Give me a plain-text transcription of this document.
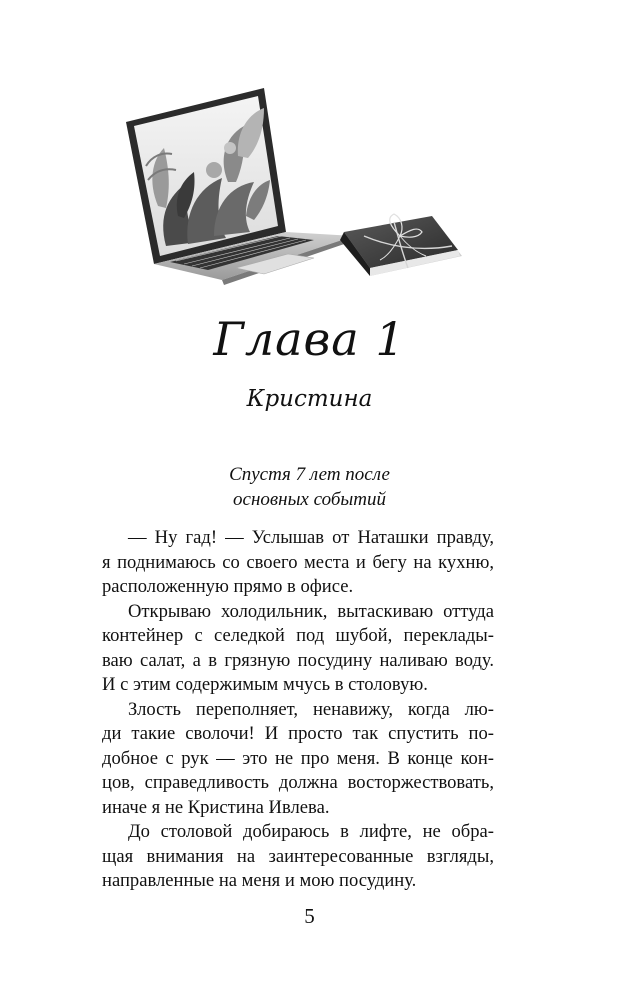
Глава 1
Кристина
Спустя 7 лет после
основных событий
— Ну гад! — Услышав от Наташки правду,
я поднимаюсь со своего места и бегу на кухню,
расположенную прямо в офисе.
Открываю холодильник, вытаскиваю оттуда
контейнер с селедкой под шубой, переклады-
ваю салат, а в грязную посудину наливаю воду.
И с этим содержимым мчусь в столовую.
Злость переполняет, ненавижу, когда лю-
ди такие сволочи! И просто так спустить по-
добное с рук — это не про меня. В конце кон-
цов, справедливость должна восторжествовать,
иначе я не Кристина Ивлева.
До столовой добираюсь в лифте, не обра-
щая внимания на заинтересованные взгляды,
направленные на меня и мою посудину.
5
